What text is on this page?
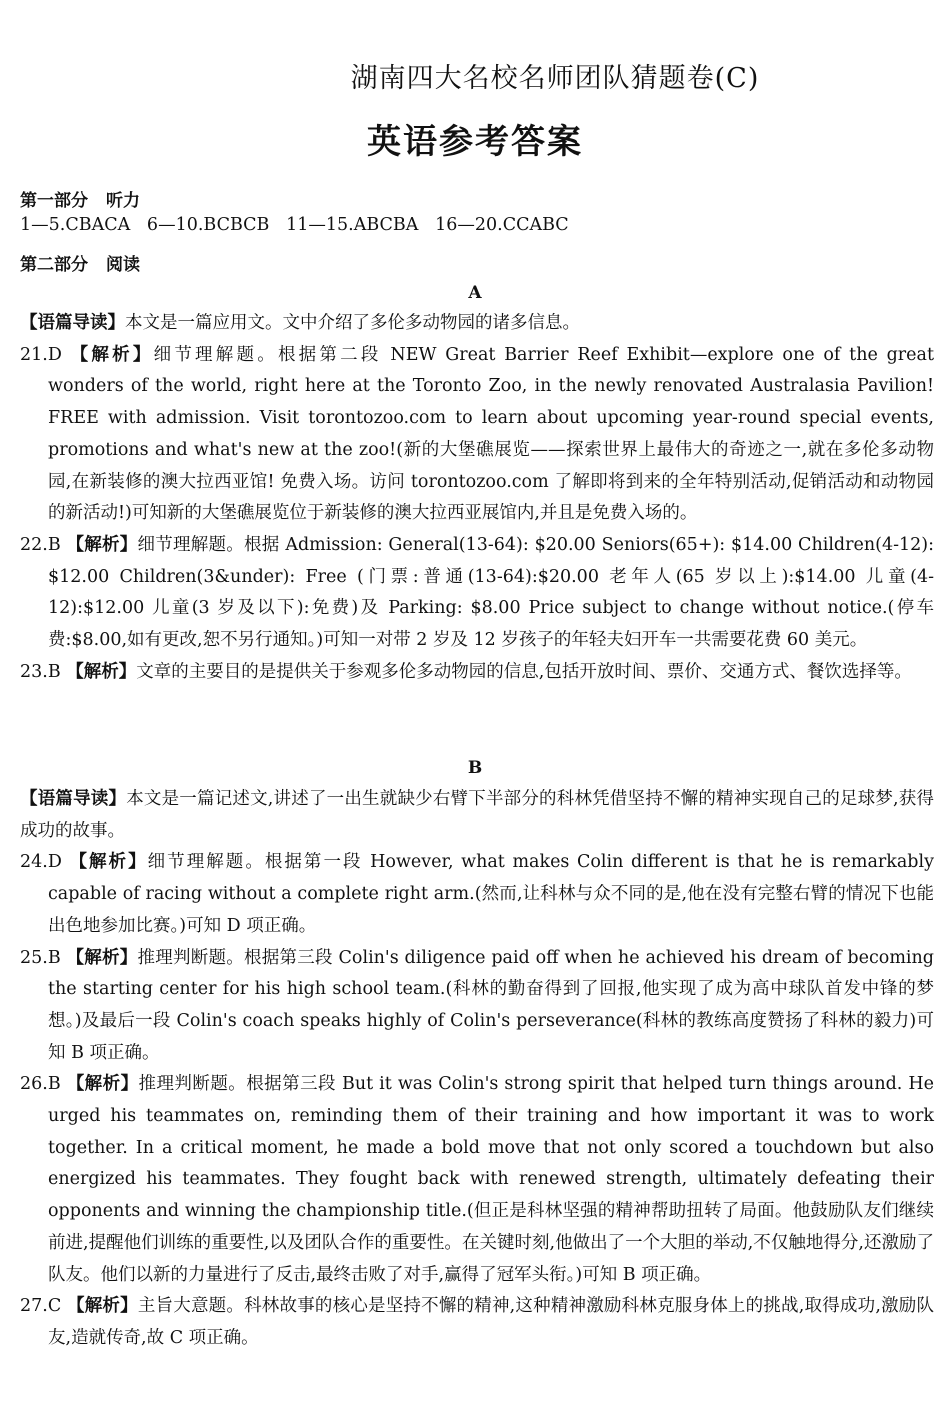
湖南四大名校名师团队猜题卷(C)
英语参考答案
第一部分 听力
1—5.CBACA   6—10.BCBCB   11—15.ABCBA   16—20.CCABC
第二部分 阅读
A
【语篇导读】本文是一篇应用文。文中介绍了多伦多动物园的诸多信息。
21.D 【解析】细节理解题。根据第二段 NEW Great Barrier Reef Exhibit—explore one of the great wonders of the world, right here at the Toronto Zoo, in the newly renovated Australasia Pavilion! FREE with admission. Visit torontozoo.com to learn about upcoming year-round special events, promotions and what's new at the zoo!(新的大堡礁展览——探索世界上最伟大的奇迹之一,就在多伦多动物园,在新装修的澳大拉西亚馆! 免费入场。访问 torontozoo.com 了解即将到来的全年特别活动,促销活动和动物园的新活动!)可知新的大堡礁展览位于新装修的澳大拉西亚展馆内,并且是免费入场的。
22.B 【解析】细节理解题。根据 Admission: General(13-64): $20.00 Seniors(65+): $14.00 Children(4-12): $12.00 Children(3&under): Free (门票:普通(13-64):$20.00 老年人(65 岁以上):$14.00 儿童(4-12):$12.00 儿童(3 岁及以下):免费)及 Parking: $8.00 Price subject to change without notice.(停车费:$8.00,如有更改,恕不另行通知。)可知一对带 2 岁及 12 岁孩子的年轻夫妇开车一共需要花费 60 美元。
23.B 【解析】文章的主要目的是提供关于参观多伦多动物园的信息,包括开放时间、票价、交通方式、餐饮选择等。
B
【语篇导读】本文是一篇记述文,讲述了一出生就缺少右臂下半部分的科林凭借坚持不懈的精神实现自己的足球梦,获得成功的故事。
24.D 【解析】细节理解题。根据第一段 However, what makes Colin different is that he is remarkably capable of racing without a complete right arm.(然而,让科林与众不同的是,他在没有完整右臂的情况下也能出色地参加比赛。)可知 D 项正确。
25.B 【解析】推理判断题。根据第三段 Colin's diligence paid off when he achieved his dream of becoming the starting center for his high school team.(科林的勤奋得到了回报,他实现了成为高中球队首发中锋的梦想。)及最后一段 Colin's coach speaks highly of Colin's perseverance(科林的教练高度赞扬了科林的毅力)可知 B 项正确。
26.B 【解析】推理判断题。根据第三段 But it was Colin's strong spirit that helped turn things around. He urged his teammates on, reminding them of their training and how important it was to work together. In a critical moment, he made a bold move that not only scored a touchdown but also energized his teammates. They fought back with renewed strength, ultimately defeating their opponents and winning the championship title.(但正是科林坚强的精神帮助扭转了局面。他鼓励队友们继续前进,提醒他们训练的重要性,以及团队合作的重要性。在关键时刻,他做出了一个大胆的举动,不仅触地得分,还激励了队友。他们以新的力量进行了反击,最终击败了对手,赢得了冠军头衔。)可知 B 项正确。
27.C 【解析】主旨大意题。科林故事的核心是坚持不懈的精神,这种精神激励科林克服身体上的挑战,取得成功,激励队友,造就传奇,故 C 项正确。
